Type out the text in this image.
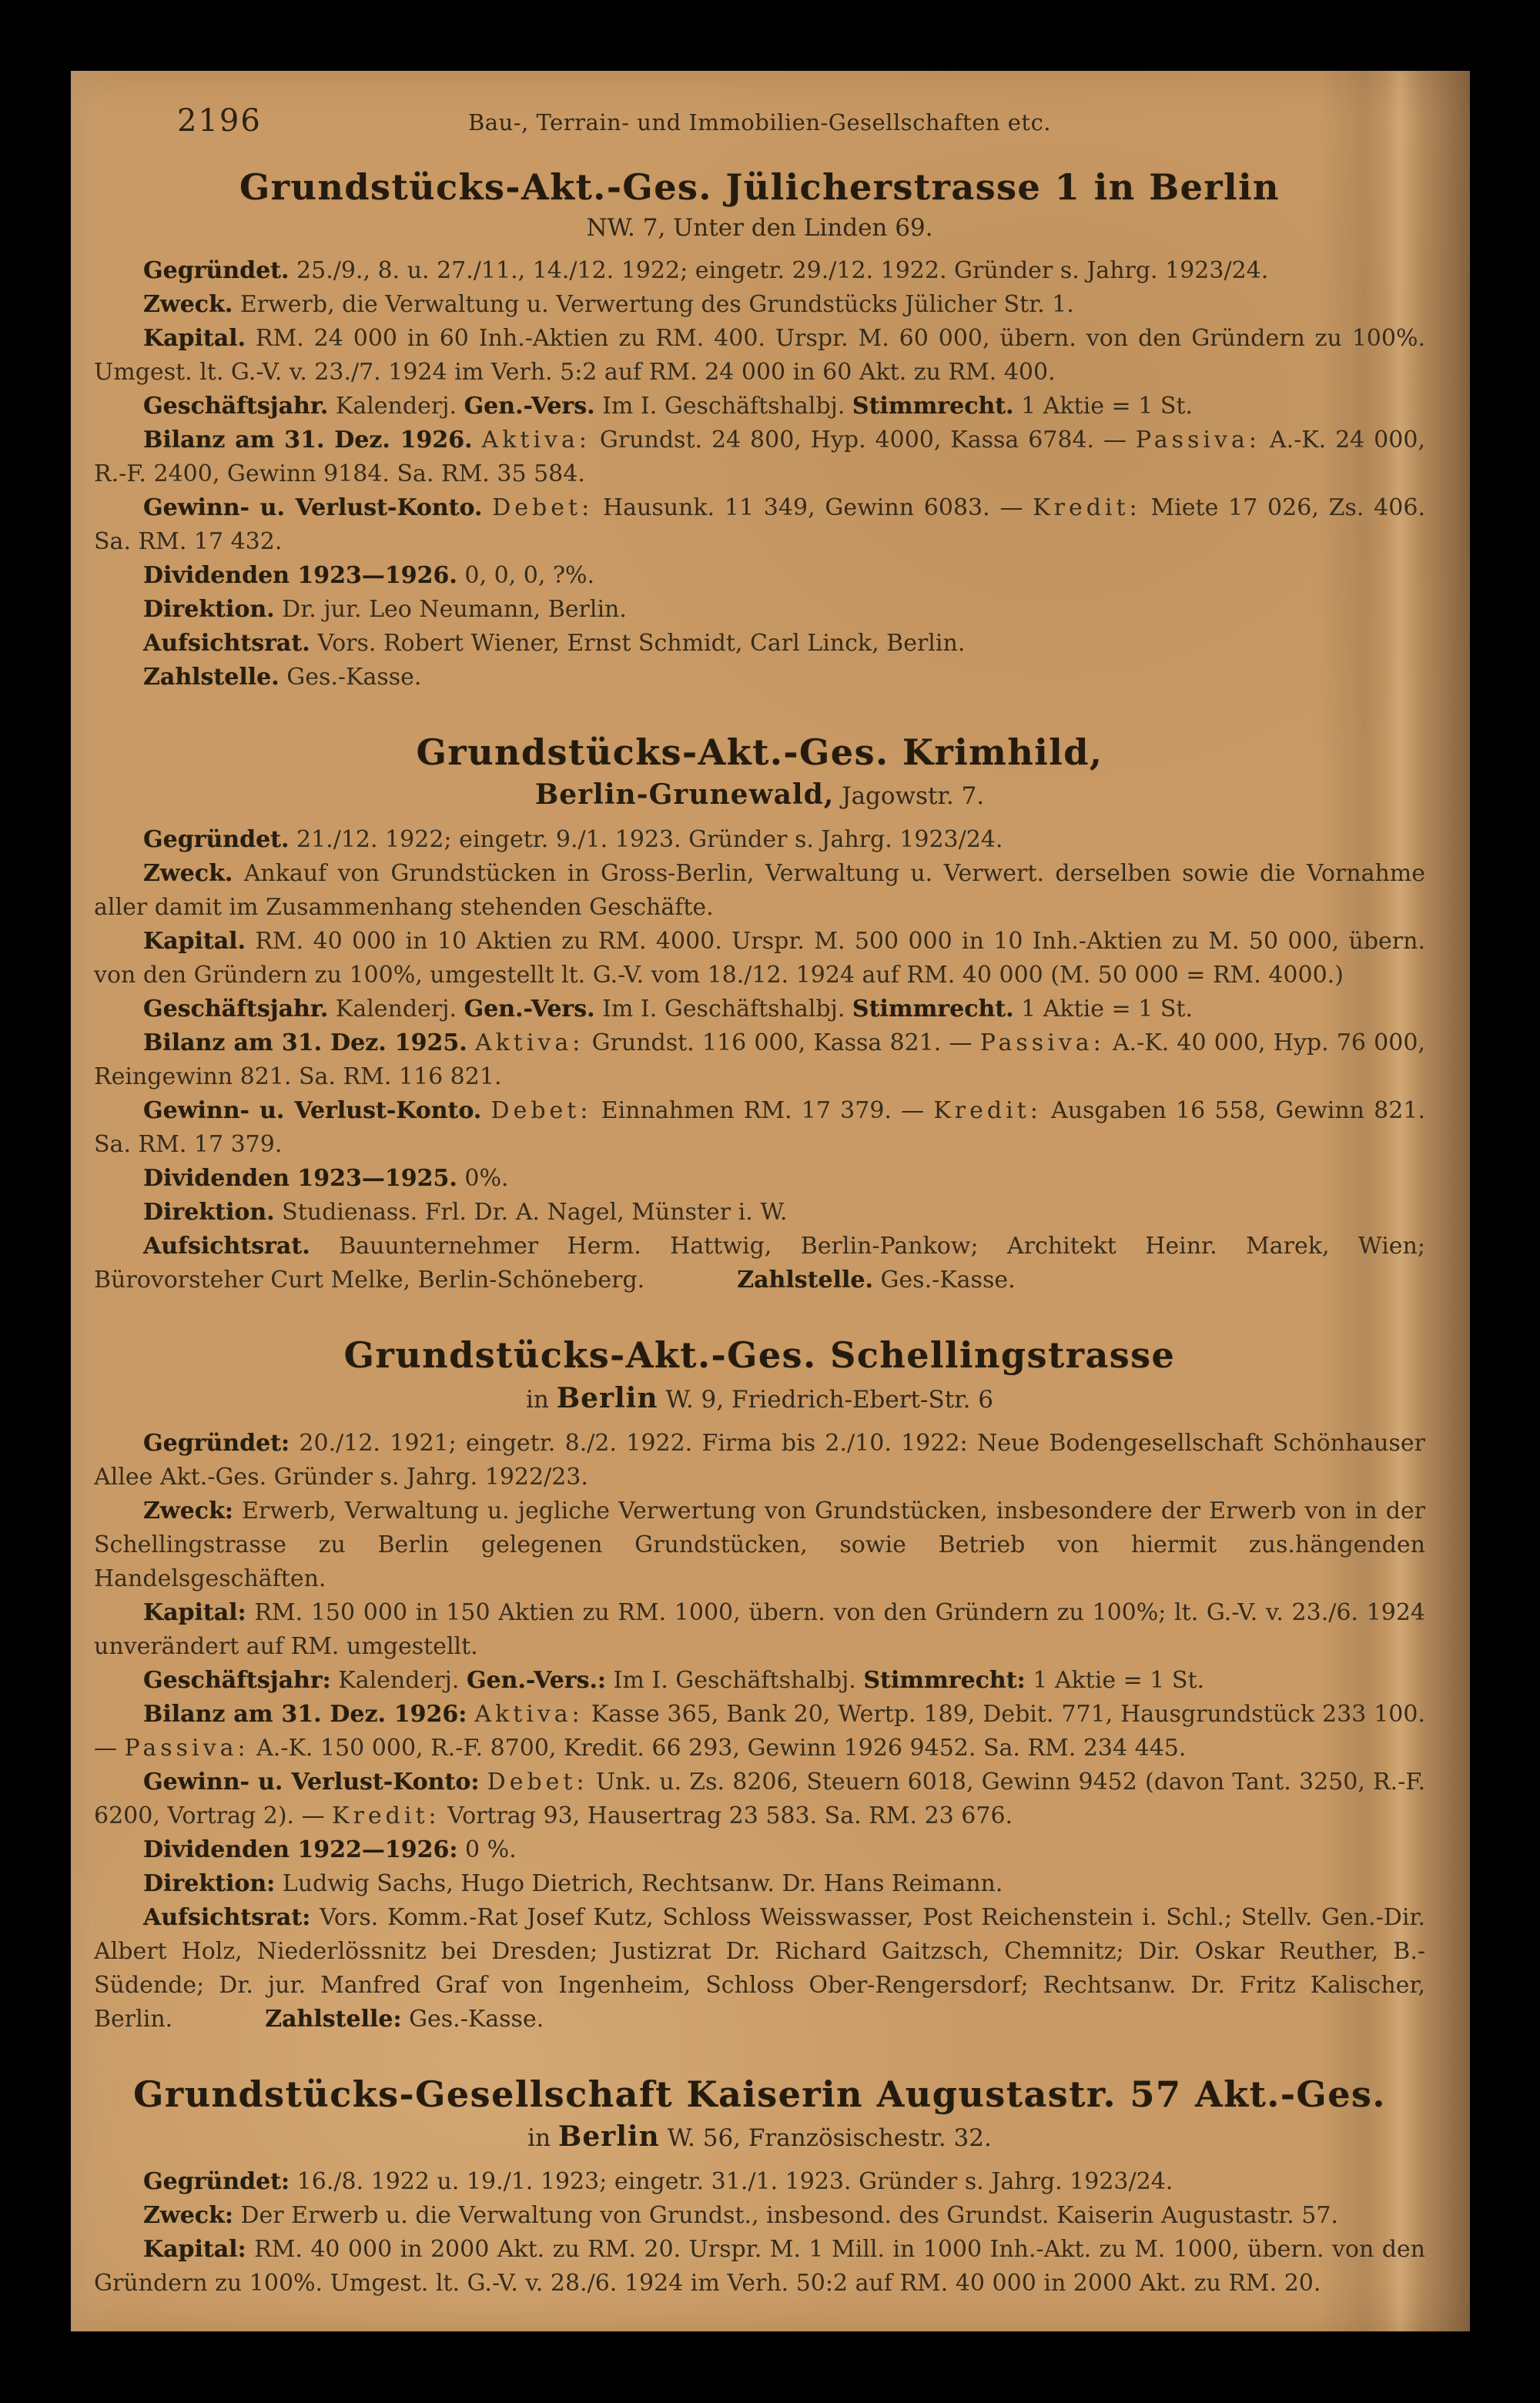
2196	Bau-, Terrain- und Immobilien-Gesellschaften etc.
Grundstücks-Akt.-Ges. Jülicherstrasse 1 in Berlin

NW. 7, Unter den Linden 69.

Gegründet. 25./9., 8. u. 27./11., 14./12. 1922; eingetr. 29./12. 1922. Gründer s. Jahrg. 1923/24.

Zweck. Erwerb, die Verwaltung u. Verwertung des Grundstücks Jülicher Str. 1.

Kapital. RM. 24 000 in 60 Inh.-Aktien zu RM. 400. Urspr. M. 60 000, übern. von den Gründern zu 100%. Umgest. lt. G.-V. v. 23./7. 1924 im Verh. 5:2 auf RM. 24 000 in 60 Akt. zu RM. 400.

Geschäftsjahr. Kalenderj. Gen.-Vers. Im I. Geschäftshalbj. Stimmrecht. 1 Aktie = 1 St.

Bilanz am 31. Dez. 1926. Aktiva: Grundst. 24 800, Hyp. 4000, Kassa 6784. — Passiva: A.-K. 24 000, R.-F. 2400, Gewinn 9184. Sa. RM. 35 584.

Gewinn- u. Verlust-Konto. Debet: Hausunk. 11 349, Gewinn 6083. — Kredit: Miete 17 026, Zs. 406. Sa. RM. 17 432.

Dividenden 1923—1926. 0, 0, 0, ?%.

Direktion. Dr. jur. Leo Neumann, Berlin.

Aufsichtsrat. Vors. Robert Wiener, Ernst Schmidt, Carl Linck, Berlin.

Zahlstelle. Ges.-Kasse.

Grundstücks-Akt.-Ges. Krimhild,

Berlin-Grunewald, Jagowstr. 7.

Gegründet. 21./12. 1922; eingetr. 9./1. 1923. Gründer s. Jahrg. 1923/24.

Zweck. Ankauf von Grundstücken in Gross-Berlin, Verwaltung u. Verwert. derselben sowie die Vornahme aller damit im Zusammenhang stehenden Geschäfte.

Kapital. RM. 40 000 in 10 Aktien zu RM. 4000. Urspr. M. 500 000 in 10 Inh.-Aktien zu M. 50 000, übern. von den Gründern zu 100%, umgestellt lt. G.-V. vom 18./12. 1924 auf RM. 40 000 (M. 50 000 = RM. 4000.)

Geschäftsjahr. Kalenderj. Gen.-Vers. Im I. Geschäftshalbj. Stimmrecht. 1 Aktie = 1 St.

Bilanz am 31. Dez. 1925. Aktiva: Grundst. 116 000, Kassa 821. — Passiva: A.-K. 40 000, Hyp. 76 000, Reingewinn 821. Sa. RM. 116 821.

Gewinn- u. Verlust-Konto. Debet: Einnahmen RM. 17 379. — Kredit: Ausgaben 16 558, Gewinn 821. Sa. RM. 17 379.

Dividenden 1923—1925. 0%.

Direktion. Studienass. Frl. Dr. A. Nagel, Münster i. W.

Aufsichtsrat. Bauunternehmer Herm. Hattwig, Berlin-Pankow; Architekt Heinr. Marek, Wien; Bürovorsteher Curt Melke, Berlin-Schöneberg.	Zahlstelle. Ges.-Kasse.

Grundstücks-Akt.-Ges. Schellingstrasse

in Berlin W. 9, Friedrich-Ebert-Str. 6

Gegründet: 20./12. 1921; eingetr. 8./2. 1922. Firma bis 2./10. 1922: Neue Bodengesellschaft Schönhauser Allee Akt.-Ges. Gründer s. Jahrg. 1922/23.

Zweck: Erwerb, Verwaltung u. jegliche Verwertung von Grundstücken, insbesondere der Erwerb von in der Schellingstrasse zu Berlin gelegenen Grundstücken, sowie Betrieb von hiermit zus.hängenden Handelsgeschäften.

Kapital: RM. 150 000 in 150 Aktien zu RM. 1000, übern. von den Gründern zu 100%; lt. G.-V. v. 23./6. 1924 unverändert auf RM. umgestellt.

Geschäftsjahr: Kalenderj. Gen.-Vers.: Im I. Geschäftshalbj. Stimmrecht: 1 Aktie = 1 St.

Bilanz am 31. Dez. 1926: Aktiva: Kasse 365, Bank 20, Wertp. 189, Debit. 771, Hausgrundstück 233 100. — Passiva: A.-K. 150 000, R.-F. 8700, Kredit. 66 293, Gewinn 1926 9452. Sa. RM. 234 445.

Gewinn- u. Verlust-Konto: Debet: Unk. u. Zs. 8206, Steuern 6018, Gewinn 9452 (davon Tant. 3250, R.-F. 6200, Vortrag 2). — Kredit: Vortrag 93, Hausertrag 23 583. Sa. RM. 23 676.

Dividenden 1922—1926: 0 %.

Direktion: Ludwig Sachs, Hugo Dietrich, Rechtsanw. Dr. Hans Reimann.

Aufsichtsrat: Vors. Komm.-Rat Josef Kutz, Schloss Weisswasser, Post Reichenstein i. Schl.; Stellv. Gen.-Dir. Albert Holz, Niederlössnitz bei Dresden; Justizrat Dr. Richard Gaitzsch, Chemnitz; Dir. Oskar Reuther, B.-Südende; Dr. jur. Manfred Graf von Ingenheim, Schloss Ober-Rengersdorf; Rechtsanw. Dr. Fritz Kalischer, Berlin.	Zahlstelle: Ges.-Kasse.

Grundstücks-Gesellschaft Kaiserin Augustastr. 57 Akt.-Ges.

in Berlin W. 56, Französischestr. 32.

Gegründet: 16./8. 1922 u. 19./1. 1923; eingetr. 31./1. 1923. Gründer s. Jahrg. 1923/24.

Zweck: Der Erwerb u. die Verwaltung von Grundst., insbesond. des Grundst. Kaiserin Augustastr. 57.

Kapital: RM. 40 000 in 2000 Akt. zu RM. 20. Urspr. M. 1 Mill. in 1000 Inh.-Akt. zu M. 1000, übern. von den Gründern zu 100%. Umgest. lt. G.-V. v. 28./6. 1924 im Verh. 50:2 auf RM. 40 000 in 2000 Akt. zu RM. 20.
